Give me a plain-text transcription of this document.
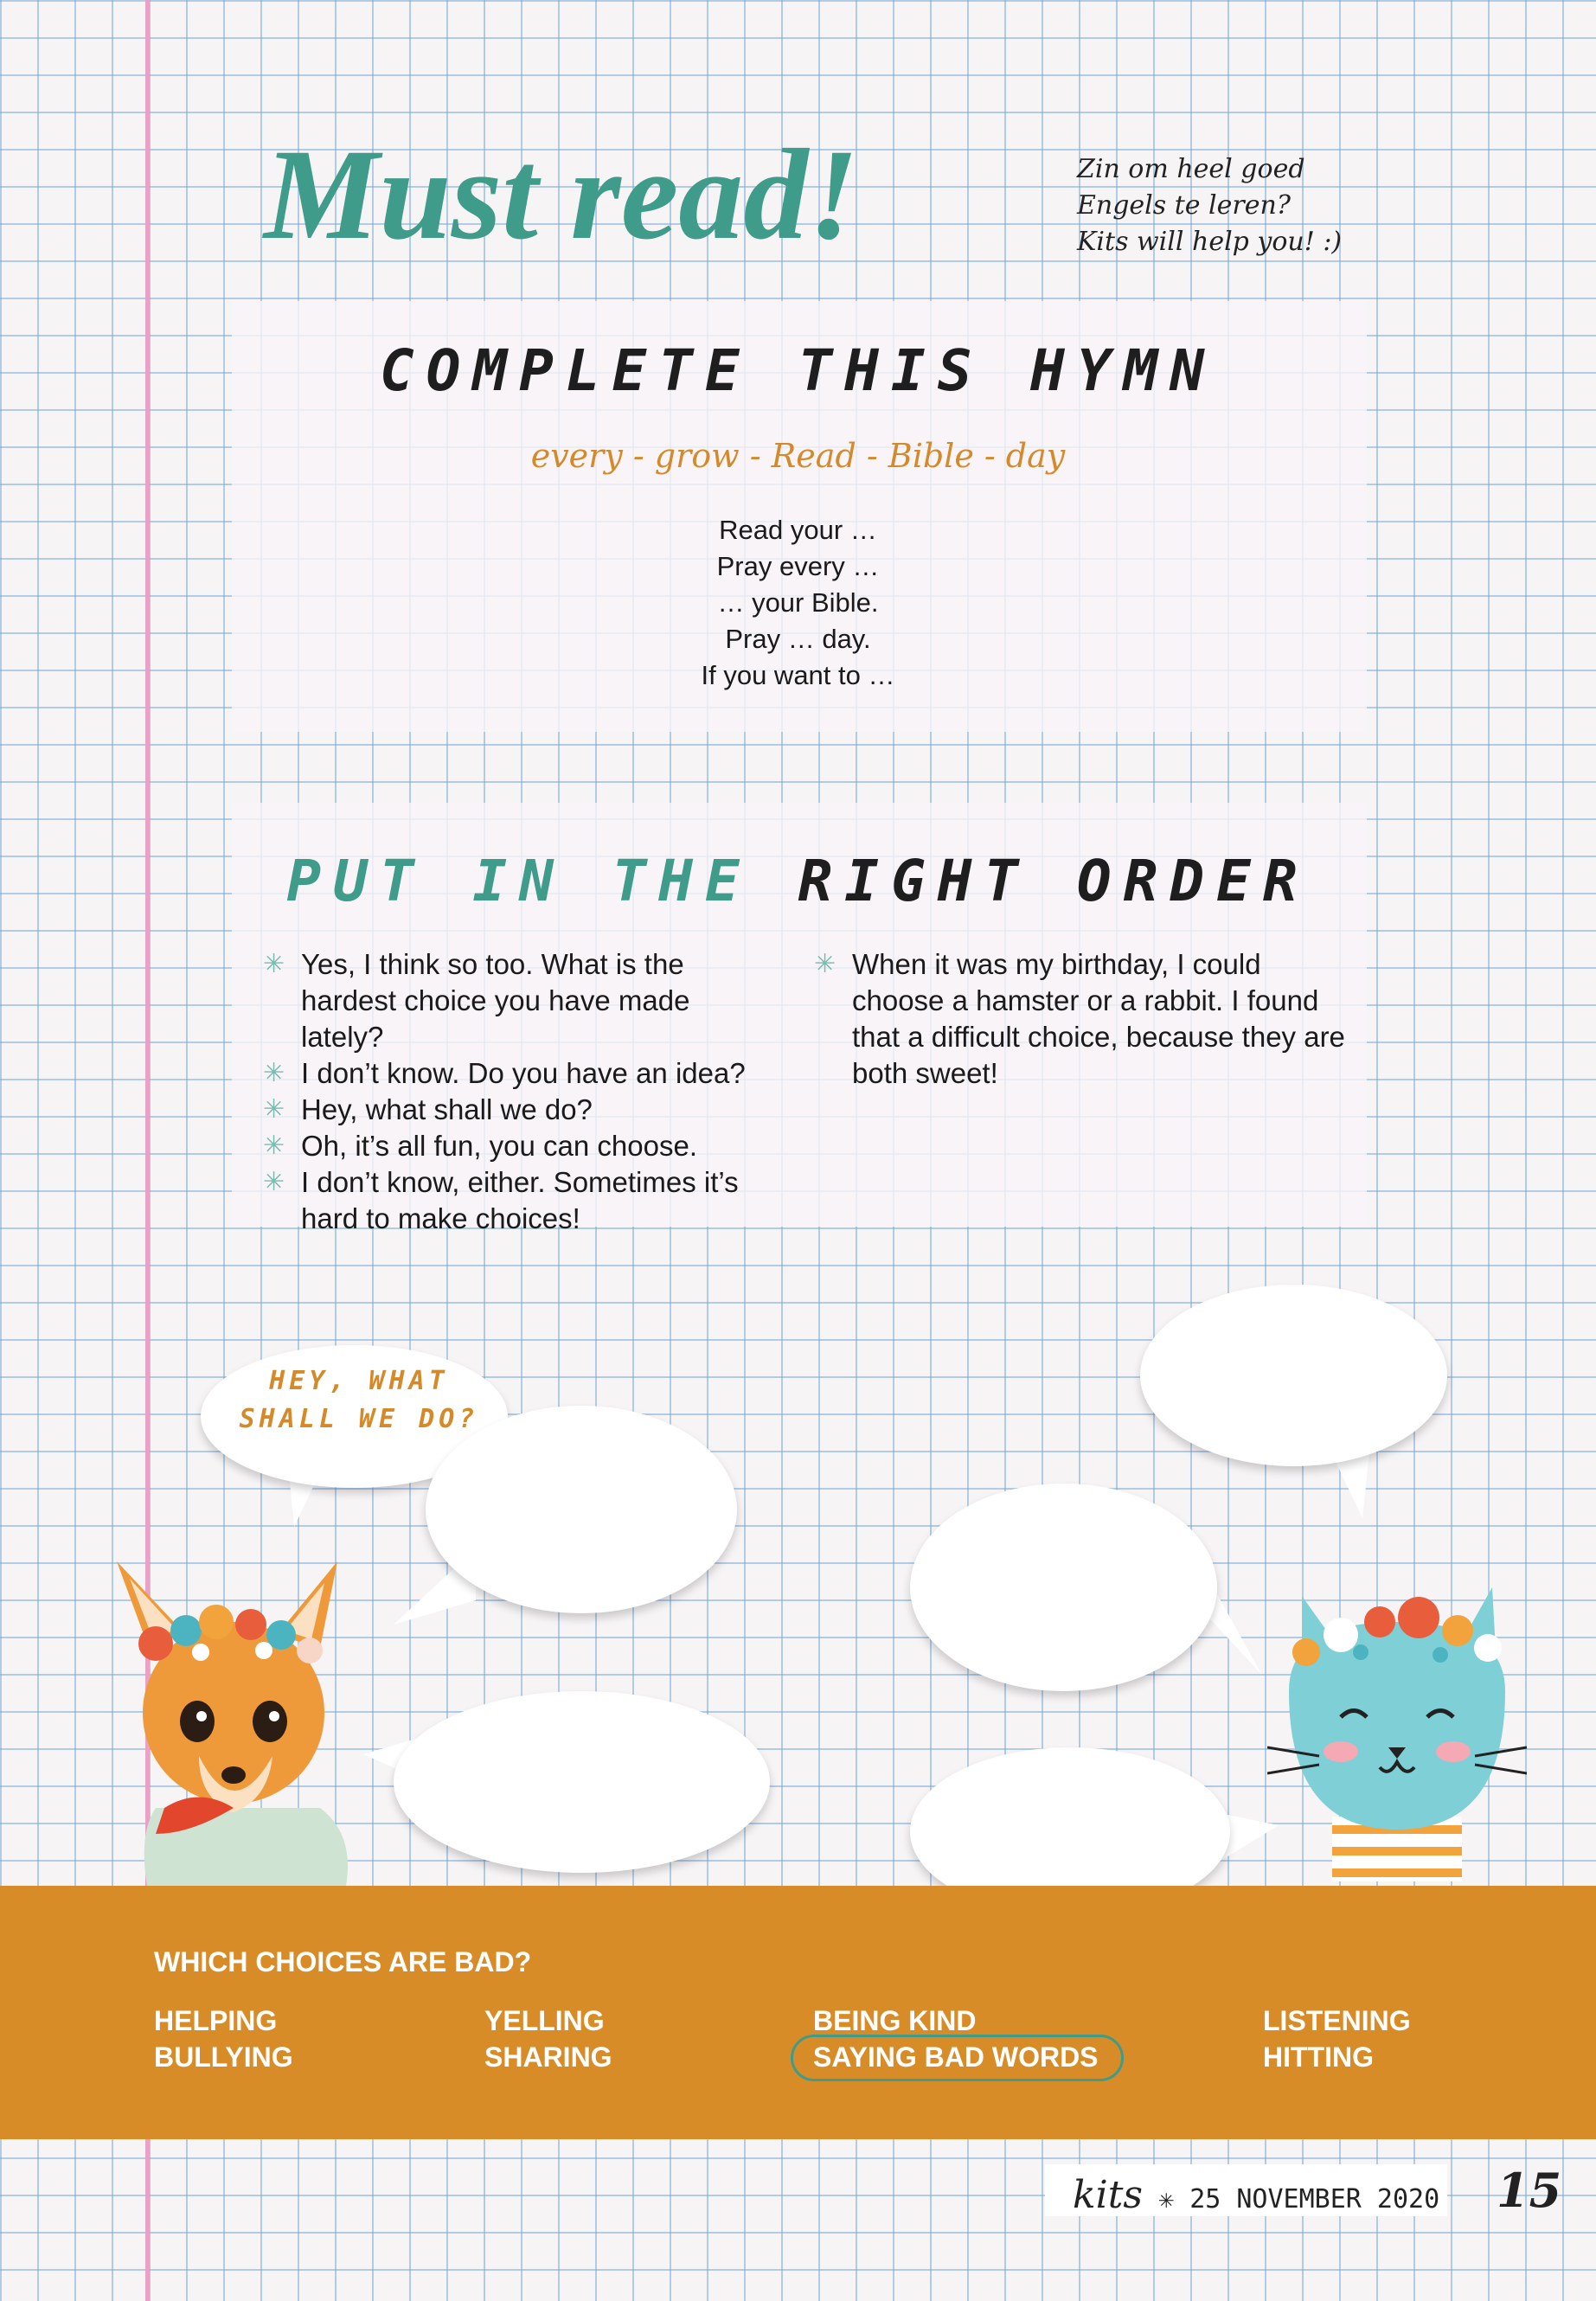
Must read!	Zin om heel goed
Engels te leren?
Kits will help you! :)
COMPLETE THIS HYMN
every - grow - Read - Bible - day
Read your …
Pray every …
… your Bible.
Pray … day.
If you want to …
PUT IN THE RIGHT ORDER
✳ Yes, I think so too. What is the hardest choice you have made lately?
✳ I don’t know. Do you have an idea?
✳ Hey, what shall we do?
✳ Oh, it’s all fun, you can choose.
✳ I don’t know, either. Sometimes it’s hard to make choices!
✳ When it was my birthday, I could choose a hamster or a rabbit. I found that a difficult choice, because they are both sweet!
HEY, WHAT
SHALL WE DO?
WHICH CHOICES ARE BAD?
HELPING
BULLYING
YELLING
SHARING
BEING KIND
SAYING BAD WORDS
LISTENING
HITTING
kits ✳ 25 NOVEMBER 2020 15
